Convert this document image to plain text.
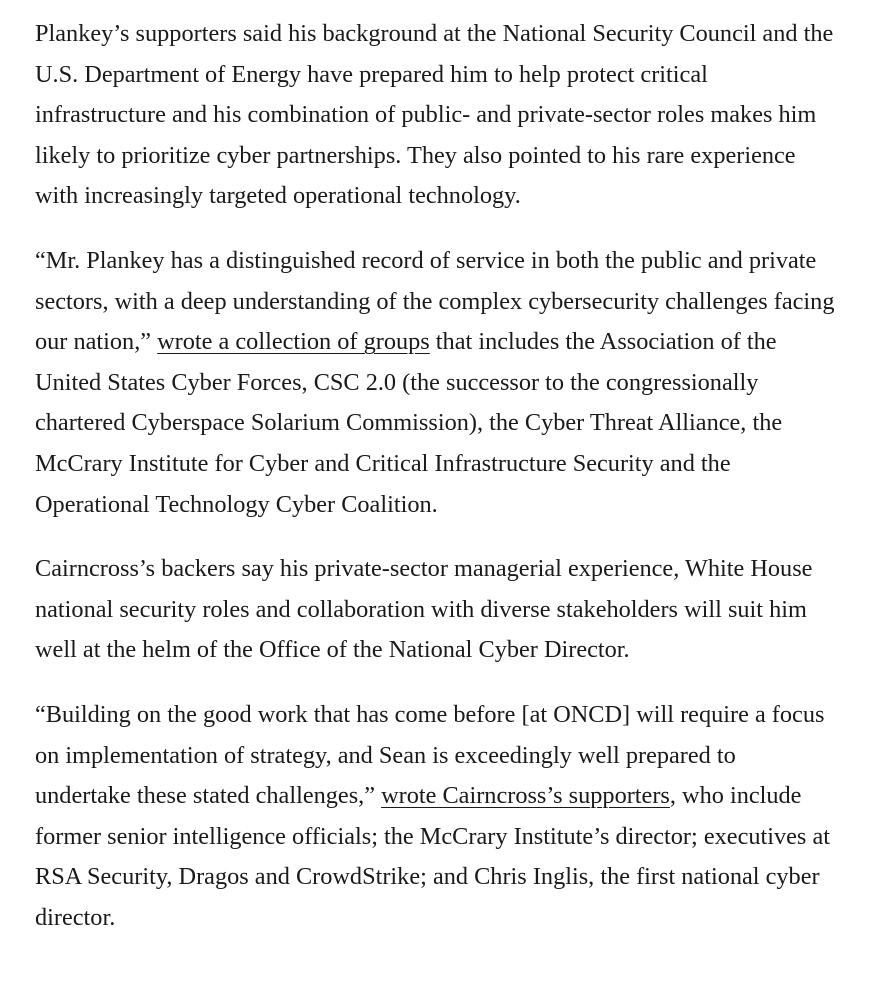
Plankey’s supporters said his background at the National Security Council and the U.S. Department of Energy have prepared him to help protect critical infrastructure and his combination of public- and private-sector roles makes him likely to prioritize cyber partnerships. They also pointed to his rare experience with increasingly targeted operational technology.

“Mr. Plankey has a distinguished record of service in both the public and private sectors, with a deep understanding of the complex cybersecurity challenges facing our nation,” wrote a collection of groups that includes the Association of the United States Cyber Forces, CSC 2.0 (the successor to the congressionally chartered Cyberspace Solarium Commission), the Cyber Threat Alliance, the McCrary Institute for Cyber and Critical Infrastructure Security and the Operational Technology Cyber Coalition.

Cairncross’s backers say his private-sector managerial experience, White House national security roles and collaboration with diverse stakeholders will suit him well at the helm of the Office of the National Cyber Director.

“Building on the good work that has come before [at ONCD] will require a focus on implementation of strategy, and Sean is exceedingly well prepared to undertake these stated challenges,” wrote Cairncross’s supporters, who include former senior intelligence officials; the McCrary Institute’s director; executives at RSA Security, Dragos and CrowdStrike; and Chris Inglis, the first national cyber director.
